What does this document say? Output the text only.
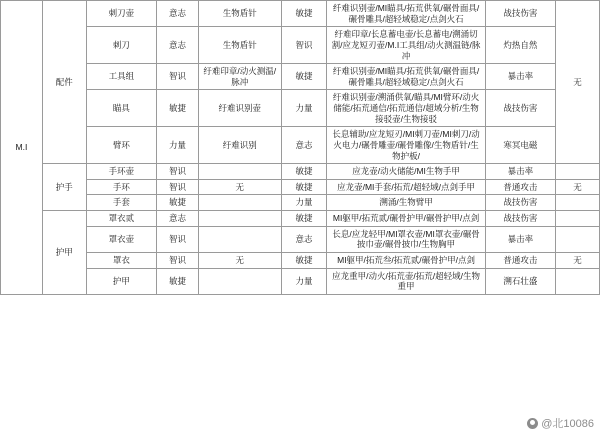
M.I	配件	刺刀壶	意志	生物盾针	敏捷	纤难识别壶/MI瞄具/拓荒供氧/碾骨面具/碾骨雕具/超轻域稳定/点剑火石	战技伤害	无
		刺刀	意志	生物盾针	智识	纡难印章/长息蓄电壶/长息蓄电/溯涌切割/应龙短刃壶/M.I工具组/动火测温链/脉冲	灼热自然	
		工具组	智识	纡难印章/动火测温/脉冲	敏捷	纡难识别壶/MI瞄具/拓荒供氧/碾骨面具/碾骨雕具/超轻域稳定/点剑火石	暴击率	
		瞄具	敏捷	纡难识别壶	力量	纡难识别壶/溯涌供氧/瞄具/MI臂环/动火储能/拓荒通信/拓荒通信/超域分析/生物接驳壶/生物接驳	战技伤害	
		臂环	力量	纡难识别	意志	长息辅助/应龙短刃/MI刺刀壶/MI刺刀/动火电力/碾骨雕壶/碾骨雕像/生物盾针/生物护板/	寒冥电磁	
	护手	手环壶	智识		敏捷	应龙壶/动火储能/MI生物手甲	暴击率	
		手环	智识	无	敏捷	应龙壶/MI手套/拓荒/超轻域/点剑手甲	普通攻击	无
		手套	敏捷		力量	溯涌/生物臂甲	战技伤害	
	护甲	罩衣贰	意志		敏捷	MI躯甲/拓荒贰/碾骨护甲/碾骨护甲/点剑	战技伤害	
		罩衣壶	智识		意志	长息/应龙轻甲/MI罩衣壶/MI罩衣壶/碾骨披巾壶/碾骨披巾/生物胸甲	暴击率	
		罩衣	智识	无	敏捷	MI躯甲/拓荒叁/拓荒贰/碾骨护甲/点剑	普通攻击	无
		护甲	敏捷		力量	应龙重甲/动火/拓荒壶/拓荒/超轻域/生物重甲	溯石壮盛	
@北10086
